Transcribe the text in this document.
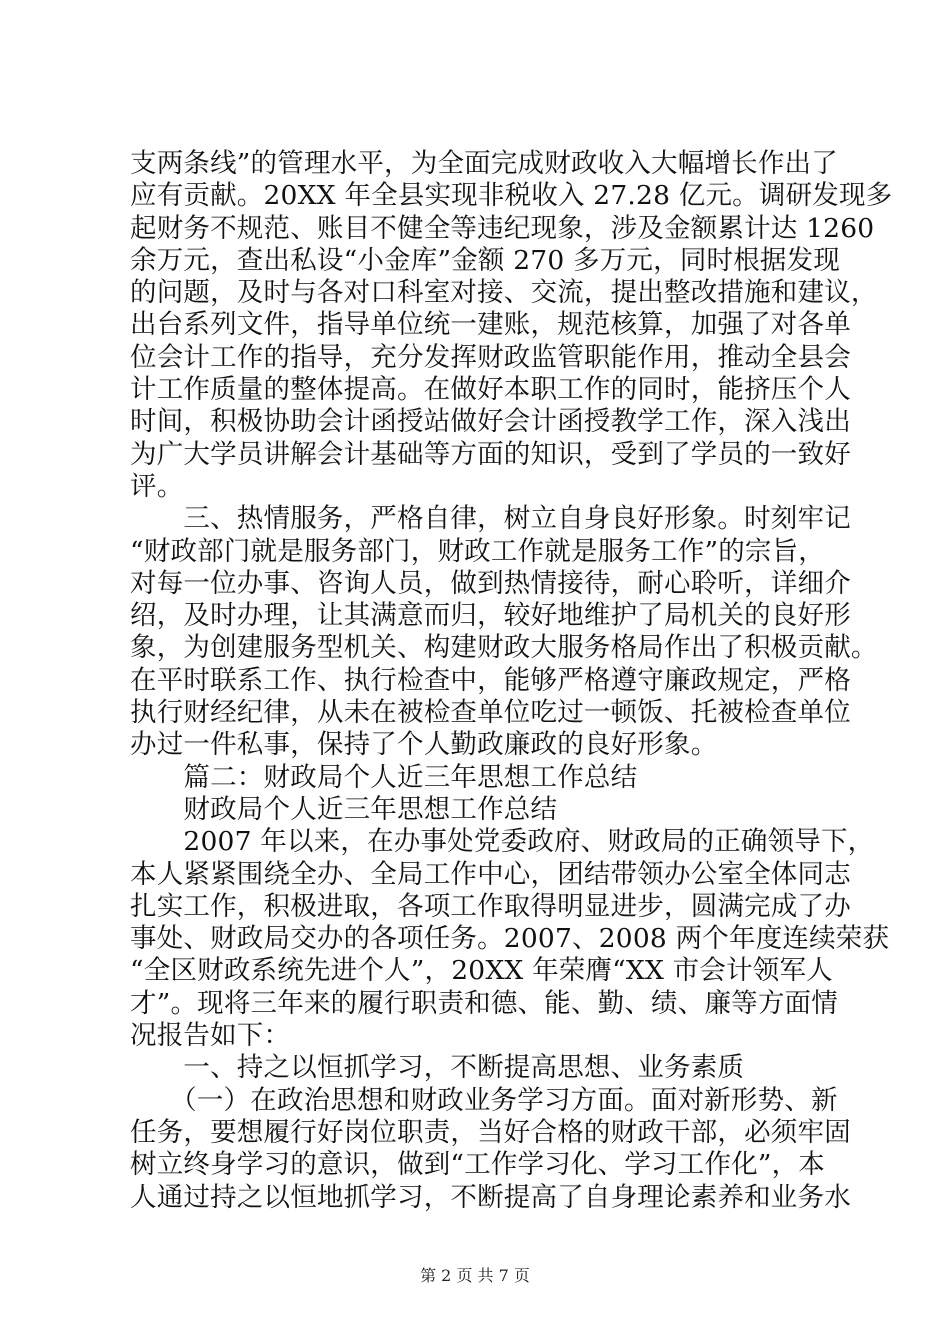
支两条线”的管理水平，为全面完成财政收入大幅增长作出了
应有贡献。20XX 年全县实现非税收入 27.28 亿元。调研发现多
起财务不规范、账目不健全等违纪现象，涉及金额累计达 1260
余万元，查出私设“小金库”金额 270 多万元，同时根据发现
的问题，及时与各对口科室对接、交流，提出整改措施和建议，
出台系列文件，指导单位统一建账，规范核算，加强了对各单
位会计工作的指导，充分发挥财政监管职能作用，推动全县会
计工作质量的整体提高。在做好本职工作的同时，能挤压个人
时间，积极协助会计函授站做好会计函授教学工作，深入浅出
为广大学员讲解会计基础等方面的知识，受到了学员的一致好
评。
　　三、热情服务，严格自律，树立自身良好形象。时刻牢记
“财政部门就是服务部门，财政工作就是服务工作”的宗旨，
对每一位办事、咨询人员，做到热情接待，耐心聆听，详细介
绍，及时办理，让其满意而归，较好地维护了局机关的良好形
象，为创建服务型机关、构建财政大服务格局作出了积极贡献。
在平时联系工作、执行检查中，能够严格遵守廉政规定，严格
执行财经纪律，从未在被检查单位吃过一顿饭、托被检查单位
办过一件私事，保持了个人勤政廉政的良好形象。
　　篇二：财政局个人近三年思想工作总结
　　财政局个人近三年思想工作总结
　　2007 年以来，在办事处党委政府、财政局的正确领导下，
本人紧紧围绕全办、全局工作中心，团结带领办公室全体同志
扎实工作，积极进取，各项工作取得明显进步，圆满完成了办
事处、财政局交办的各项任务。2007、2008 两个年度连续荣获
“全区财政系统先进个人”，20XX 年荣膺“XX 市会计领军人
才”。现将三年来的履行职责和德、能、勤、绩、廉等方面情
况报告如下：
　　一、持之以恒抓学习，不断提高思想、业务素质
　　（一）在政治思想和财政业务学习方面。面对新形势、新
任务，要想履行好岗位职责，当好合格的财政干部，必须牢固
树立终身学习的意识，做到“工作学习化、学习工作化”，本
人通过持之以恒地抓学习，不断提高了自身理论素养和业务水
第 2 页 共 7 页
